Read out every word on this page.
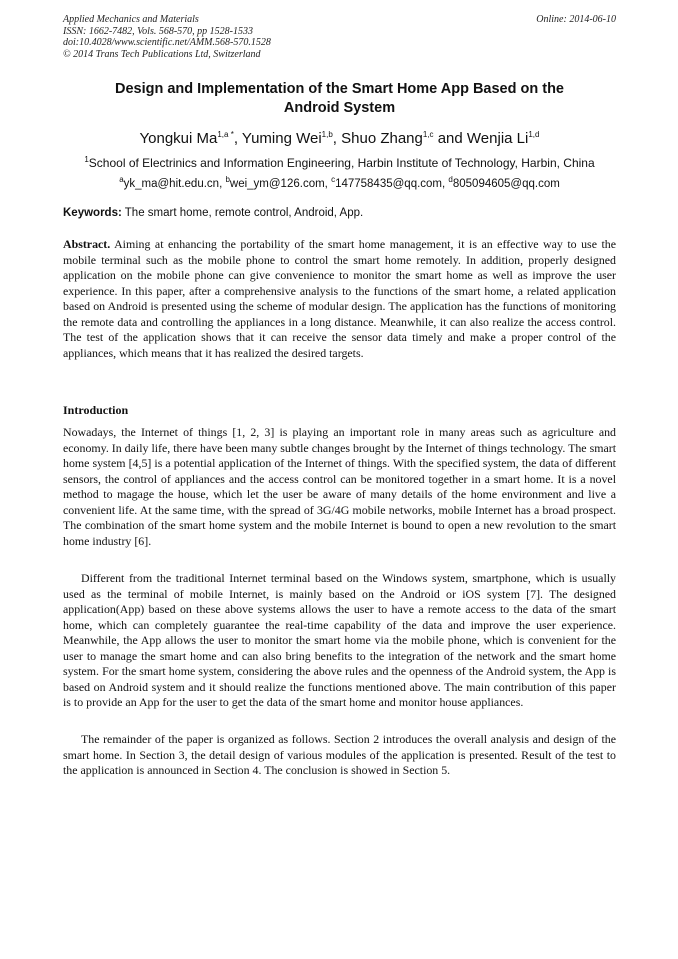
Applied Mechanics and Materials
ISSN: 1662-7482, Vols. 568-570, pp 1528-1533
doi:10.4028/www.scientific.net/AMM.568-570.1528
© 2014 Trans Tech Publications Ltd, Switzerland
Online: 2014-06-10
Design and Implementation of the Smart Home App Based on the
Android System
Yongkui $Ma^{1,a *}$, Yuming Wei$^{1,b}$, Shuo Zhang$^{1,c}$ and Wenjia Li$^{1,d}$
$^1$School of Electrinics and Information Engineering, Harbin Institute of Technology, Harbin, China
$^a$yk_ma@hit.edu.cn, $^b$wei_ym@126.com, $^c$147758435@qq.com, $^d$805094605@qq.com
Keywords: The smart home, remote control, Android, App.
Abstract. Aiming at enhancing the portability of the smart home management, it is an effective way to use the mobile terminal such as the mobile phone to control the smart home remotely. In addition, properly designed application on the mobile phone can give convenience to monitor the smart home as well as improve the user experience. In this paper, after a comprehensive analysis to the functions of the smart home, a related application based on Android is presented using the scheme of modular design. The application has the functions of monitoring the remote data and controlling the appliances in a long distance. Meanwhile, it can also realize the access control. The test of the application shows that it can receive the sensor data timely and make a proper control of the appliances, which means that it has realized the desired targets.
Introduction
Nowadays, the Internet of things [1, 2, 3] is playing an important role in many areas such as agriculture and economy. In daily life, there have been many subtle changes brought by the Internet of things technology. The smart home system [4,5] is a potential application of the Internet of things. With the specified system, the data of different sensors, the control of appliances and the access control can be monitored together in a smart home. It is a novel method to magage the house, which let the user be aware of many details of the home environment and live a convenient life. At the same time, with the spread of 3G/4G mobile networks, mobile Internet has a broad prospect. The combination of the smart home system and the mobile Internet is bound to open a new revolution to the smart home industry [6].
Different from the traditional Internet terminal based on the Windows system, smartphone, which is usually used as the terminal of mobile Internet, is mainly based on the Android or iOS system [7]. The designed application(App) based on these above systems allows the user to have a remote access to the data of the smart home, which can completely guarantee the real-time capability of the data and improve the user experience. Meanwhile, the App allows the user to monitor the smart home via the mobile phone, which is convenient for the user to manage the smart home and can also bring benefits to the integration of the network and the smart home system. For the smart home system, considering the above rules and the openness of the Android system, the App is based on Android system and it should realize the functions mentioned above. The main contribution of this paper is to provide an App for the user to get the data of the smart home and monitor house appliances.
The remainder of the paper is organized as follows. Section 2 introduces the overall analysis and design of the smart home. In Section 3, the detail design of various modules of the application is presented. Result of the test to the application is announced in Section 4. The conclusion is showed in Section 5.
